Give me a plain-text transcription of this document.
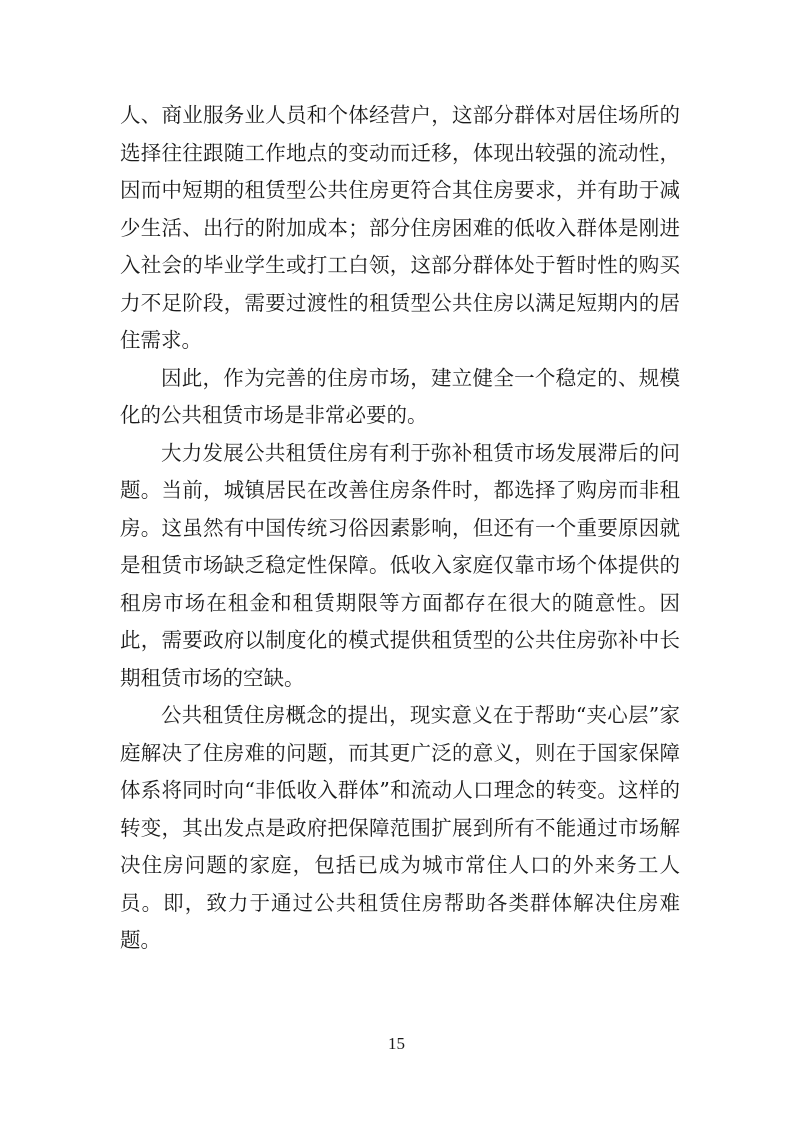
人、商业服务业人员和个体经营户，这部分群体对居住场所的选择往往跟随工作地点的变动而迁移，体现出较强的流动性，因而中短期的租赁型公共住房更符合其住房要求，并有助于减少生活、出行的附加成本；部分住房困难的低收入群体是刚进入社会的毕业学生或打工白领，这部分群体处于暂时性的购买力不足阶段，需要过渡性的租赁型公共住房以满足短期内的居住需求。

因此，作为完善的住房市场，建立健全一个稳定的、规模化的公共租赁市场是非常必要的。

大力发展公共租赁住房有利于弥补租赁市场发展滞后的问题。当前，城镇居民在改善住房条件时，都选择了购房而非租房。这虽然有中国传统习俗因素影响，但还有一个重要原因就是租赁市场缺乏稳定性保障。低收入家庭仅靠市场个体提供的租房市场在租金和租赁期限等方面都存在很大的随意性。因此，需要政府以制度化的模式提供租赁型的公共住房弥补中长期租赁市场的空缺。

公共租赁住房概念的提出，现实意义在于帮助“夹心层”家庭解决了住房难的问题，而其更广泛的意义，则在于国家保障体系将同时向“非低收入群体”和流动人口理念的转变。这样的转变，其出发点是政府把保障范围扩展到所有不能通过市场解决住房问题的家庭，包括已成为城市常住人口的外来务工人员。即，致力于通过公共租赁住房帮助各类群体解决住房难题。

15
